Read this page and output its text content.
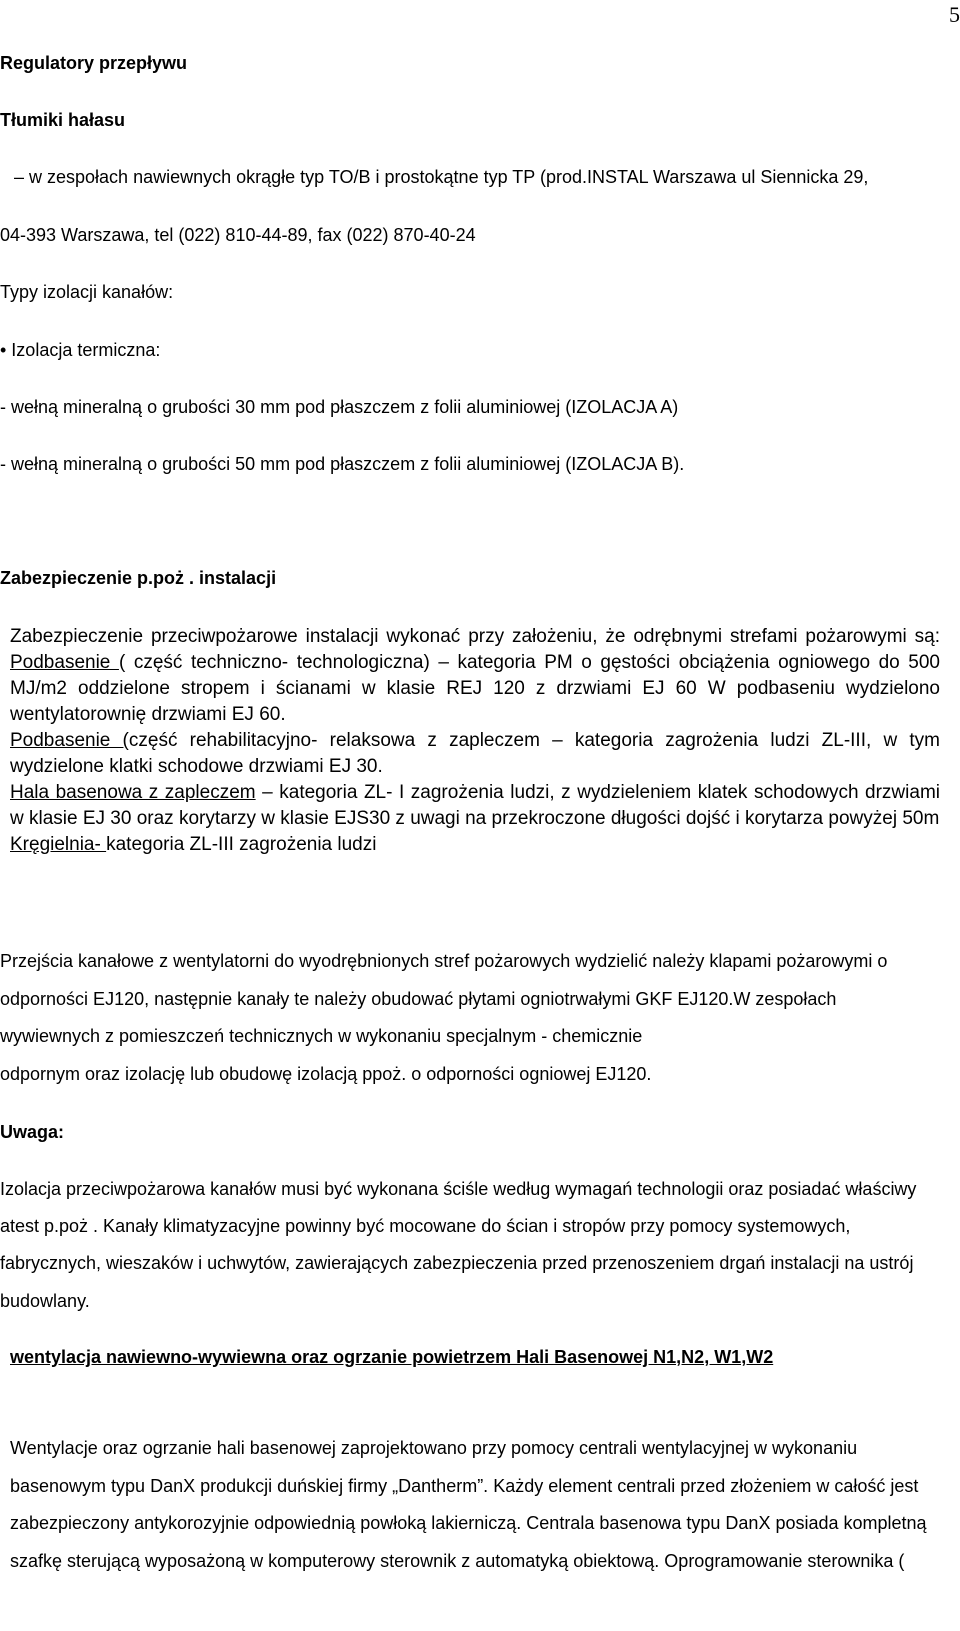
5
Regulatory przepływu
Tłumiki hałasu
– w zespołach nawiewnych okrągłe typ TO/B i prostokątne typ TP (prod.INSTAL Warszawa ul Siennicka 29,
04-393 Warszawa, tel (022) 810-44-89, fax (022) 870-40-24
Typy izolacji kanałów:
• Izolacja termiczna:
- wełną mineralną o grubości 30 mm pod płaszczem z folii aluminiowej (IZOLACJA A)
- wełną mineralną o grubości 50 mm pod płaszczem z folii aluminiowej (IZOLACJA B).
Zabezpieczenie p.poż . instalacji

Zabezpieczenie przeciwpożarowe instalacji wykonać przy założeniu, że odrębnymi strefami pożarowymi są: Podbasenie ( część techniczno- technologiczna) – kategoria PM o gęstości obciążenia ogniowego do 500 MJ/m2 oddzielone stropem i ścianami w klasie REJ 120 z drzwiami EJ 60 W podbaseniu wydzielono wentylatorownię drzwiami EJ 60.

Podbasenie (część rehabilitacyjno- relaksowa z zapleczem – kategoria zagrożenia ludzi ZL-III, w tym wydzielone klatki schodowe drzwiami EJ 30.

Hala basenowa z zapleczem – kategoria ZL- I zagrożenia ludzi, z wydzieleniem klatek schodowych drzwiami w klasie EJ 30 oraz korytarzy w klasie EJS30 z uwagi na przekroczone długości dojść i korytarza powyżej 50m

Kręgielnia- kategoria ZL-III zagrożenia ludzi

Przejścia kanałowe z wentylatorni do wyodrębnionych stref pożarowych wydzielić należy klapami pożarowymi o
odporności EJ120, następnie kanały te należy obudować płytami ogniotrwałymi GKF EJ120.W zespołach
wywiewnych z pomieszczeń technicznych w wykonaniu specjalnym - chemicznie
odpornym oraz izolację lub obudowę izolacją ppoż. o odporności ogniowej EJ120.
Uwaga:
Izolacja przeciwpożarowa kanałów musi być wykonana ściśle według wymagań technologii oraz posiadać właściwy
atest p.poż . Kanały klimatyzacyjne powinny być mocowane do ścian i stropów przy pomocy systemowych,
fabrycznych, wieszaków i uchwytów, zawierających zabezpieczenia przed przenoszeniem drgań instalacji na ustrój
budowlany.
wentylacja nawiewno-wywiewna oraz ogrzanie powietrzem Hali Basenowej N1,N2, W1,W2
Wentylacje oraz ogrzanie hali basenowej zaprojektowano przy pomocy centrali wentylacyjnej w wykonaniu
basenowym typu DanX produkcji duńskiej firmy „Dantherm”. Każdy element centrali przed złożeniem w całość jest
zabezpieczony antykorozyjnie odpowiednią powłoką lakierniczą. Centrala basenowa typu DanX posiada kompletną
szafkę sterującą wyposażoną w komputerowy sterownik z automatyką obiektową. Oprogramowanie sterownika (
